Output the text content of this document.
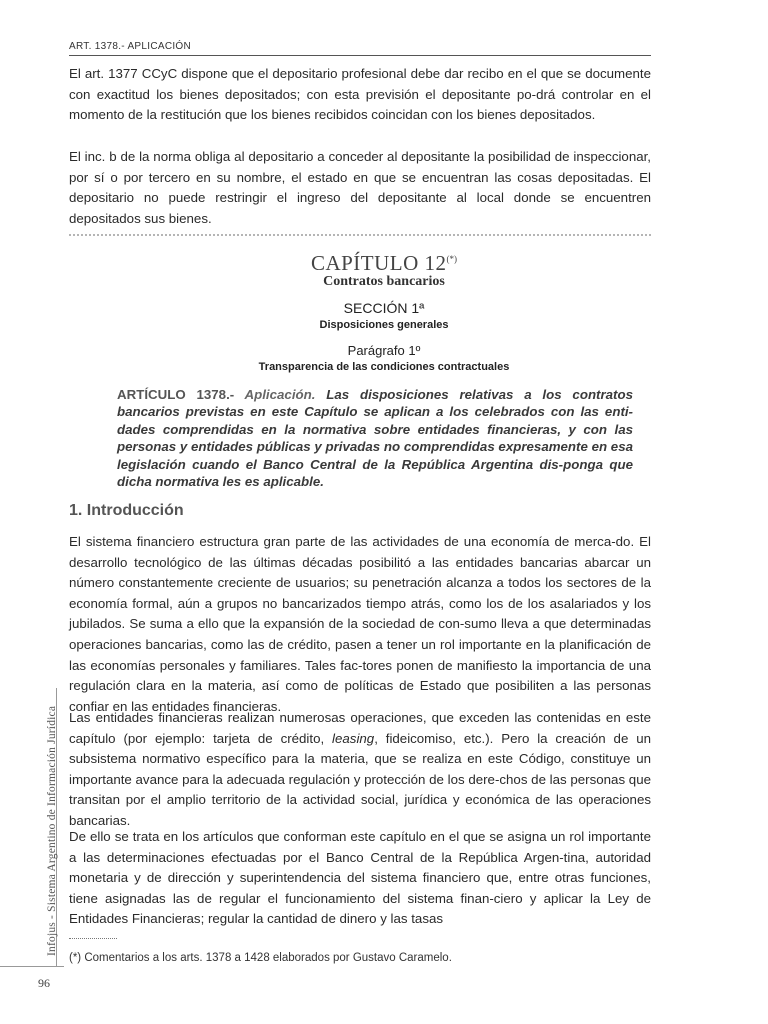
ART. 1378.- APLICACIÓN

El art. 1377 CCyC dispone que el depositario profesional debe dar recibo en el que se documente con exactitud los bienes depositados; con esta previsión el depositante po-drá controlar en el momento de la restitución que los bienes recibidos coincidan con los bienes depositados.

El inc. b de la norma obliga al depositario a conceder al depositante la posibilidad de inspeccionar, por sí o por tercero en su nombre, el estado en que se encuentran las cosas depositadas. El depositario no puede restringir el ingreso del depositante al local donde se encuentren depositados sus bienes.

CAPÍTULO 12(*)
Contratos bancarios
SECCIÓN 1ª
Disposiciones generales
Parágrafo 1º
Transparencia de las condiciones contractuales

ARTÍCULO 1378.- Aplicación. Las disposiciones relativas a los contratos bancarios previstas en este Capítulo se aplican a los celebrados con las enti-dades comprendidas en la normativa sobre entidades financieras, y con las personas y entidades públicas y privadas no comprendidas expresamente en esa legislación cuando el Banco Central de la República Argentina dis-ponga que dicha normativa les es aplicable.

1. Introducción

El sistema financiero estructura gran parte de las actividades de una economía de merca-do. El desarrollo tecnológico de las últimas décadas posibilitó a las entidades bancarias abarcar un número constantemente creciente de usuarios; su penetración alcanza a todos los sectores de la economía formal, aún a grupos no bancarizados tiempo atrás, como los de los asalariados y los jubilados. Se suma a ello que la expansión de la sociedad de con-sumo lleva a que determinadas operaciones bancarias, como las de crédito, pasen a tener un rol importante en la planificación de las economías personales y familiares. Tales fac-tores ponen de manifiesto la importancia de una regulación clara en la materia, así como de políticas de Estado que posibiliten a las personas confiar en las entidades financieras.

Las entidades financieras realizan numerosas operaciones, que exceden las contenidas en este capítulo (por ejemplo: tarjeta de crédito, leasing, fideicomiso, etc.). Pero la creación de un subsistema normativo específico para la materia, que se realiza en este Código, constituye un importante avance para la adecuada regulación y protección de los dere-chos de las personas que transitan por el amplio territorio de la actividad social, jurídica y económica de las operaciones bancarias.

De ello se trata en los artículos que conforman este capítulo en el que se asigna un rol importante a las determinaciones efectuadas por el Banco Central de la República Argen-tina, autoridad monetaria y de dirección y superintendencia del sistema financiero que, entre otras funciones, tiene asignadas las de regular el funcionamiento del sistema finan-ciero y aplicar la Ley de Entidades Financieras; regular la cantidad de dinero y las tasas

(*) Comentarios a los arts. 1378 a 1428 elaborados por Gustavo Caramelo.
Infojus - Sistema Argentino de Información Jurídica
96
